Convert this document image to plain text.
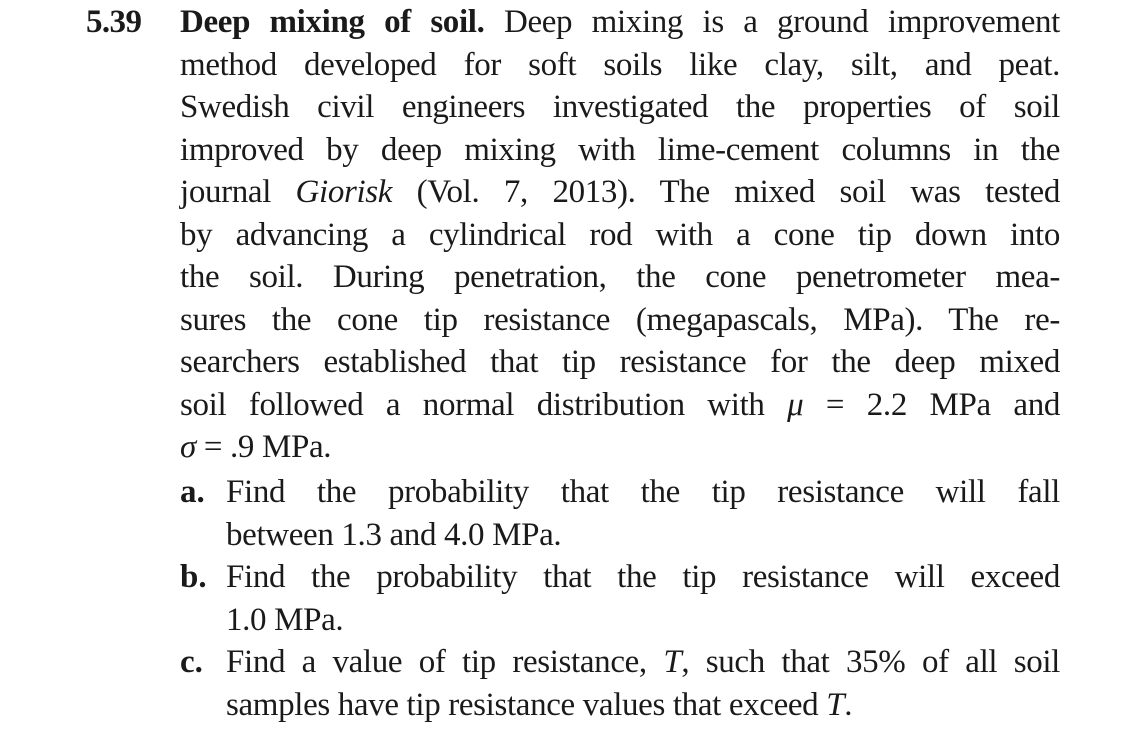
5.39 Deep mixing of soil. Deep mixing is a ground improvement
method developed for soft soils like clay, silt, and peat.
Swedish civil engineers investigated the properties of soil
improved by deep mixing with lime-cement columns in the
journal Giorisk (Vol. 7, 2013). The mixed soil was tested
by advancing a cylindrical rod with a cone tip down into
the soil. During penetration, the cone penetrometer mea-
sures the cone tip resistance (megapascals, MPa). The re-
searchers established that tip resistance for the deep mixed
soil followed a normal distribution with μ = 2.2 MPa and
σ = .9 MPa.
a. Find the probability that the tip resistance will fall
between 1.3 and 4.0 MPa.
b. Find the probability that the tip resistance will exceed
1.0 MPa.
c. Find a value of tip resistance, T, such that 35% of all soil
samples have tip resistance values that exceed T.
